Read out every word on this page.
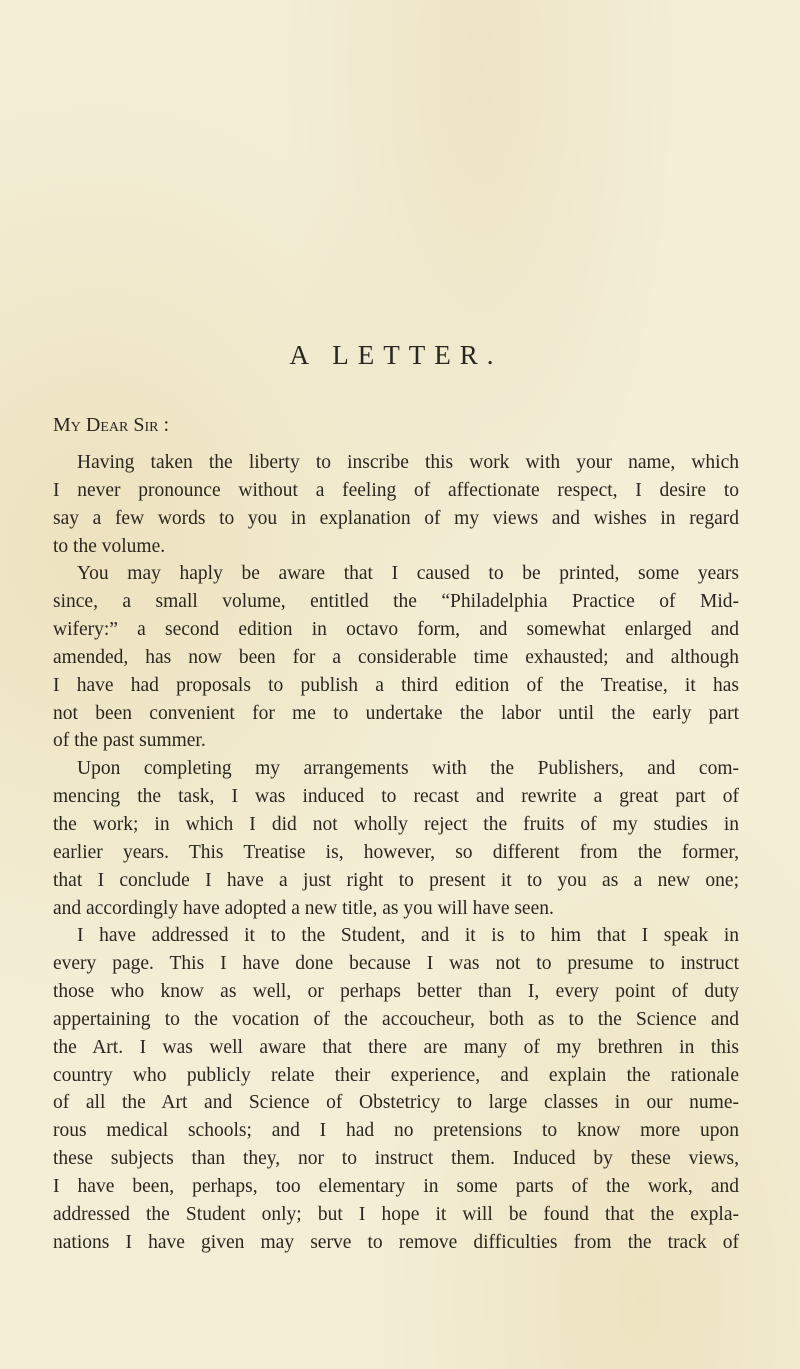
A LETTER.
My Dear Sir :
Having taken the liberty to inscribe this work with your name, which
I never pronounce without a feeling of affectionate respect, I desire to
say a few words to you in explanation of my views and wishes in regard
to the volume.
You may haply be aware that I caused to be printed, some years
since, a small volume, entitled the “Philadelphia Practice of Mid-
wifery:” a second edition in octavo form, and somewhat enlarged and
amended, has now been for a considerable time exhausted; and although
I have had proposals to publish a third edition of the Treatise, it has
not been convenient for me to undertake the labor until the early part
of the past summer.
Upon completing my arrangements with the Publishers, and com-
mencing the task, I was induced to recast and rewrite a great part of
the work; in which I did not wholly reject the fruits of my studies in
earlier years. This Treatise is, however, so different from the former,
that I conclude I have a just right to present it to you as a new one;
and accordingly have adopted a new title, as you will have seen.
I have addressed it to the Student, and it is to him that I speak in
every page. This I have done because I was not to presume to instruct
those who know as well, or perhaps better than I, every point of duty
appertaining to the vocation of the accoucheur, both as to the Science and
the Art. I was well aware that there are many of my brethren in this
country who publicly relate their experience, and explain the rationale
of all the Art and Science of Obstetricy to large classes in our nume-
rous medical schools; and I had no pretensions to know more upon
these subjects than they, nor to instruct them. Induced by these views,
I have been, perhaps, too elementary in some parts of the work, and
addressed the Student only; but I hope it will be found that the expla-
nations I have given may serve to remove difficulties from the track of
